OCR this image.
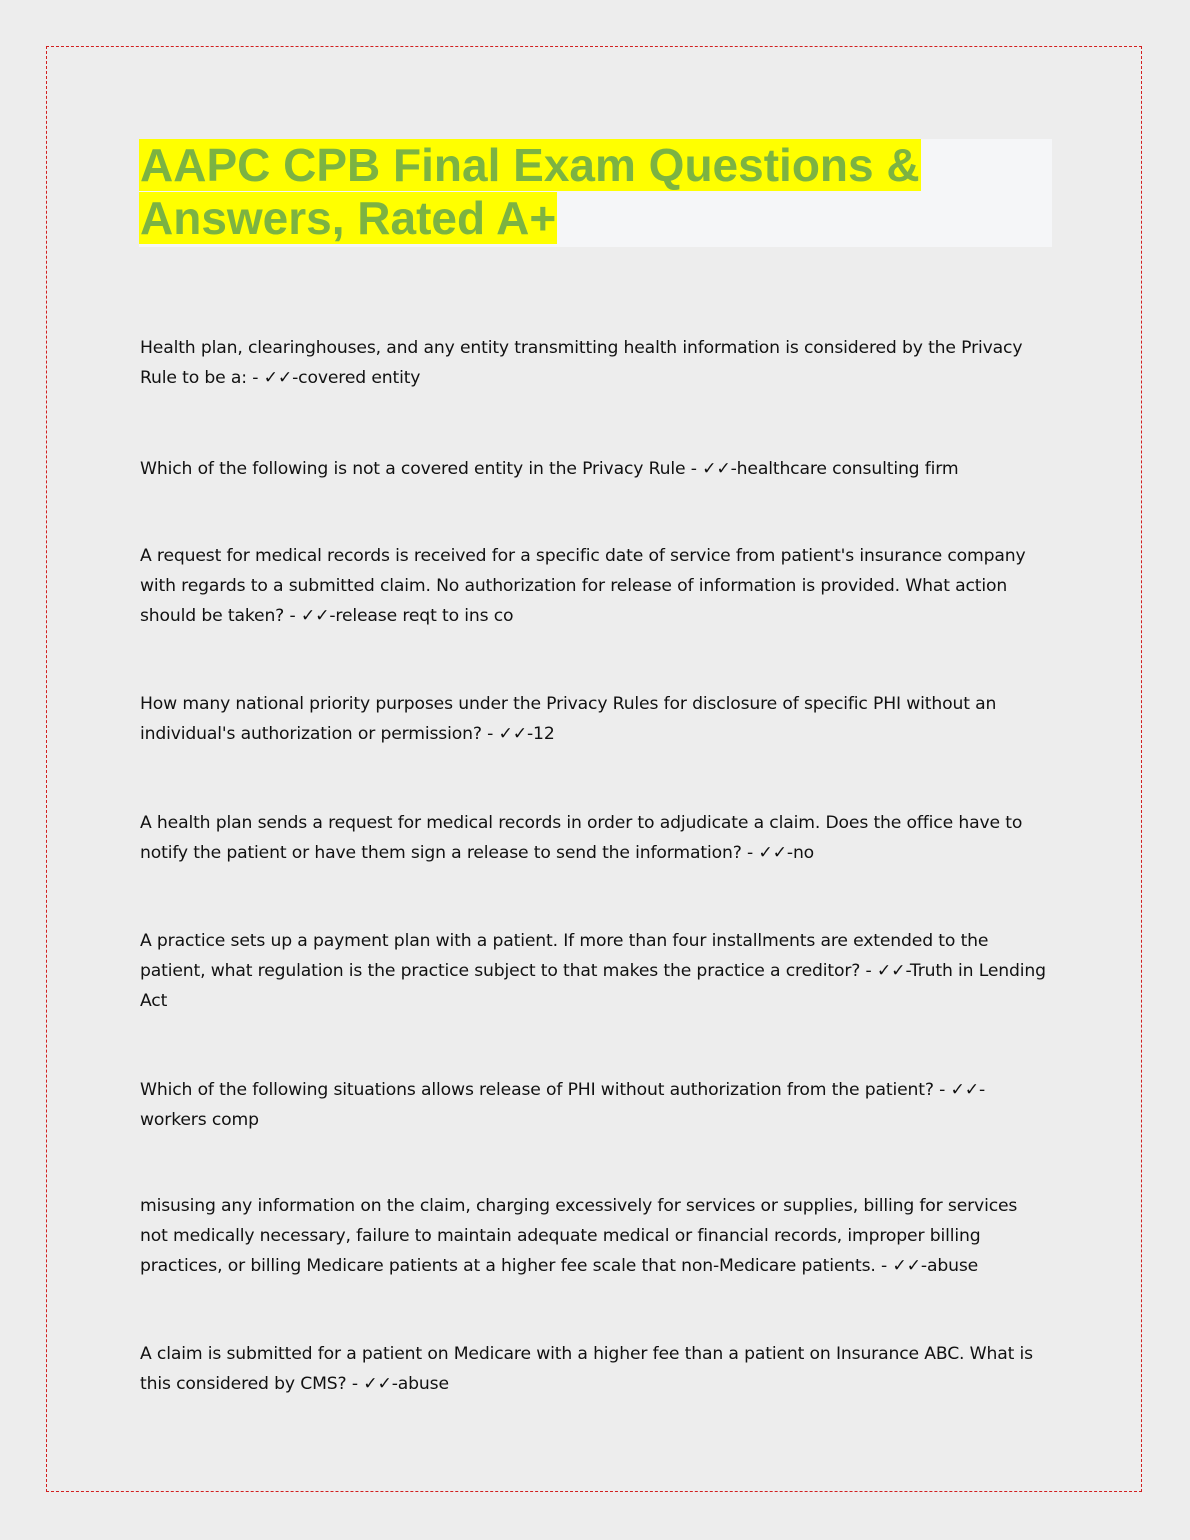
AAPC CPB Final Exam Questions &
Answers, Rated A+

Health plan, clearinghouses, and any entity transmitting health information is considered by the Privacy Rule to be a: - ✓✓-covered entity

Which of the following is not a covered entity in the Privacy Rule - ✓✓-healthcare consulting firm

A request for medical records is received for a specific date of service from patient's insurance company with regards to a submitted claim. No authorization for release of information is provided. What action should be taken? - ✓✓-release reqt to ins co

How many national priority purposes under the Privacy Rules for disclosure of specific PHI without an individual's authorization or permission? - ✓✓-12

A health plan sends a request for medical records in order to adjudicate a claim. Does the office have to notify the patient or have them sign a release to send the information? - ✓✓-no

A practice sets up a payment plan with a patient. If more than four installments are extended to the patient, what regulation is the practice subject to that makes the practice a creditor? - ✓✓-Truth in Lending Act

Which of the following situations allows release of PHI without authorization from the patient? - ✓✓-workers comp

misusing any information on the claim, charging excessively for services or supplies, billing for services not medically necessary, failure to maintain adequate medical or financial records, improper billing practices, or billing Medicare patients at a higher fee scale that non-Medicare patients. - ✓✓-abuse

A claim is submitted for a patient on Medicare with a higher fee than a patient on Insurance ABC. What is this considered by CMS? - ✓✓-abuse
